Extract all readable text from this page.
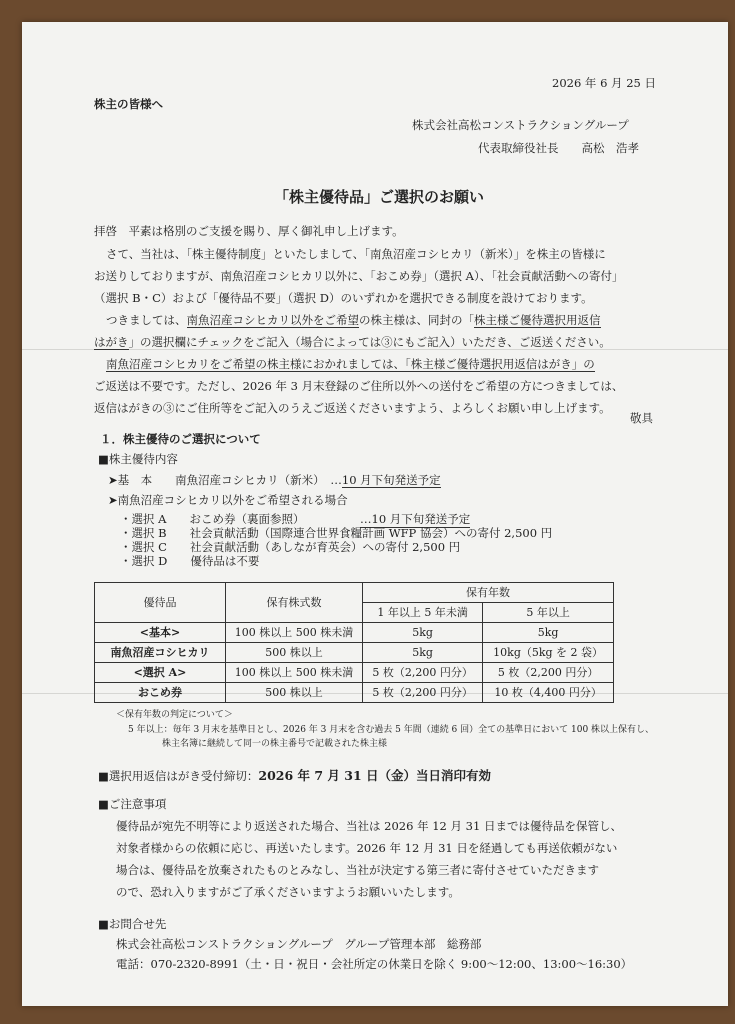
2026 年 6 月 25 日
株主の皆様へ
株式会社高松コンストラクショングループ
代表取締役社長　　高松　浩孝
「株主優待品」ご選択のお願い
拝啓　平素は格別のご支援を賜り、厚く御礼申し上げます。
さて、当社は、「株主優待制度」といたしまして、「南魚沼産コシヒカリ（新米）」を株主の皆様に
お送りしておりますが、南魚沼産コシヒカリ以外に、「おこめ券」（選択 A）、「社会貢献活動への寄付」
（選択 B・C）および「優待品不要」（選択 D）のいずれかを選択できる制度を設けております。
つきましては、南魚沼産コシヒカリ以外をご希望の株主様は、同封の「株主様ご優待選択用返信
はがき」の選択欄にチェックをご記入（場合によっては③にもご記入）いただき、ご返送ください。
南魚沼産コシヒカリをご希望の株主様におかれましては、「株主様ご優待選択用返信はがき」の
ご返送は不要です。ただし、2026 年 3 月末登録のご住所以外への送付をご希望の方につきましては、
返信はがきの③にご住所等をご記入のうえご返送くださいますよう、よろしくお願い申し上げます。
敬具
１．株主優待のご選択について
■株主優待内容
➤基　本　　南魚沼産コシヒカリ（新米）　…10 月下旬発送予定
➤南魚沼産コシヒカリ以外をご希望される場合
・選択 A　　おこめ券（裏面参照）	…10 月下旬発送予定
・選択 B　　社会貢献活動（国際連合世界食糧計画 WFP 協会）への寄付 2,500 円
・選択 C　　社会貢献活動（あしなが育英会）への寄付 2,500 円
・選択 D　　優待品は不要
優待品	保有株式数	保有年数	
		1 年以上 5 年未満	5 年以上
<基本>	100 株以上 500 株未満	5kg	5kg
南魚沼産コシヒカリ	500 株以上	5kg	10kg（5kg を 2 袋）
<選択 A>	100 株以上 500 株未満	5 枚（2,200 円分）	5 枚（2,200 円分）
おこめ券	500 株以上	5 枚（2,200 円分）	10 枚（4,400 円分）
＜保有年数の判定について＞
5 年以上：毎年 3 月末を基準日とし、2026 年 3 月末を含む過去 5 年間（連続 6 回）全ての基準日において 100 株以上保有し、
株主名簿に継続して同一の株主番号で記載された株主様
■選択用返信はがき受付締切：2026 年 7 月 31 日（金）当日消印有効
■ご注意事項
優待品が宛先不明等により返送された場合、当社は 2026 年 12 月 31 日までは優待品を保管し、
対象者様からの依頼に応じ、再送いたします。2026 年 12 月 31 日を経過しても再送依頼がない
場合は、優待品を放棄されたものとみなし、当社が決定する第三者に寄付させていただきます
ので、恐れ入りますがご了承くださいますようお願いいたします。
■お問合せ先
株式会社高松コンストラクショングループ　グループ管理本部　総務部
電話：070-2320-8991（土・日・祝日・会社所定の休業日を除く 9:00～12:00、13:00～16:30）
